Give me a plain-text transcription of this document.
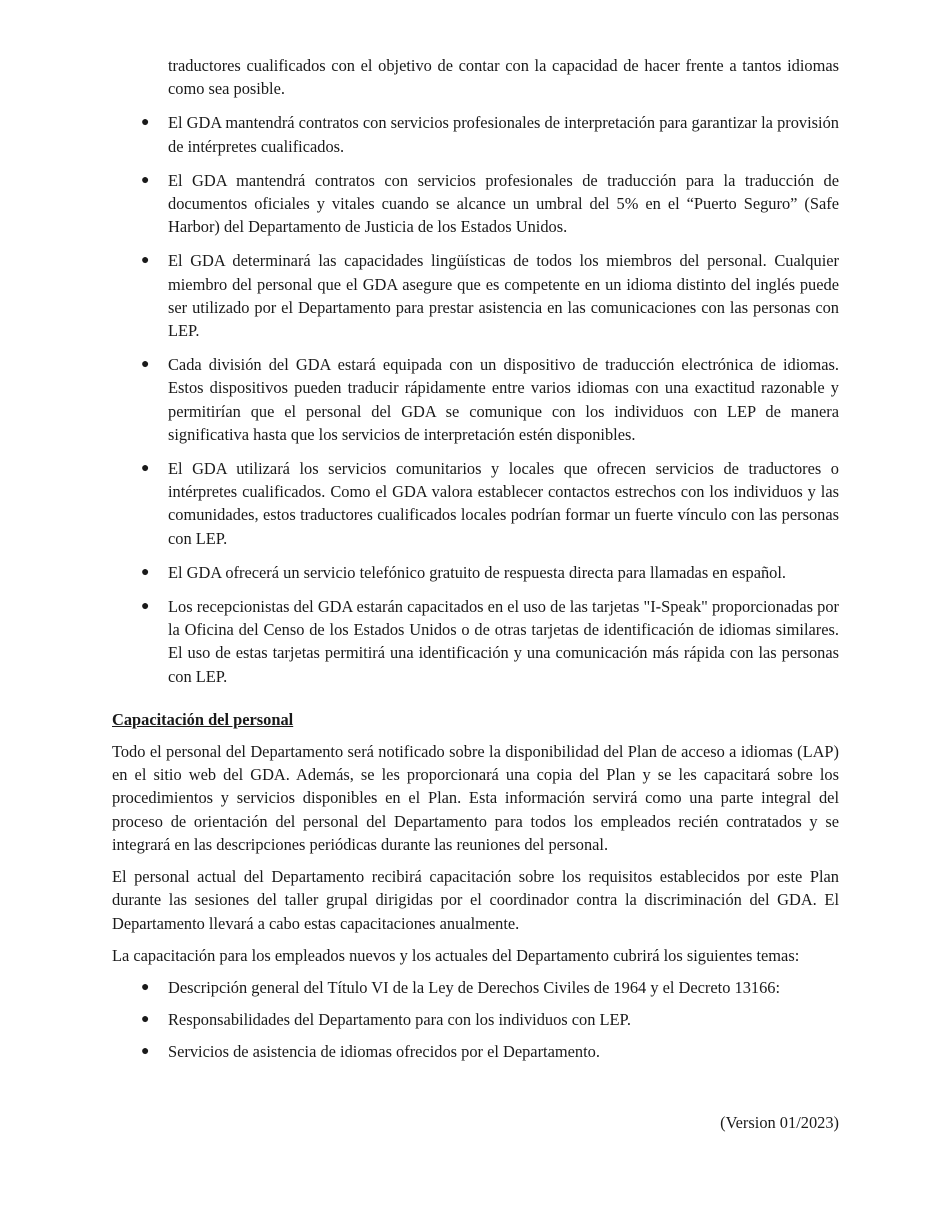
traductores cualificados con el objetivo de contar con la capacidad de hacer frente a tantos idiomas como sea posible.
● El GDA mantendrá contratos con servicios profesionales de interpretación para garantizar la provisión de intérpretes cualificados.
● El GDA mantendrá contratos con servicios profesionales de traducción para la traducción de documentos oficiales y vitales cuando se alcance un umbral del 5% en el “Puerto Seguro” (Safe Harbor) del Departamento de Justicia de los Estados Unidos.
● El GDA determinará las capacidades lingüísticas de todos los miembros del personal. Cualquier miembro del personal que el GDA asegure que es competente en un idioma distinto del inglés puede ser utilizado por el Departamento para prestar asistencia en las comunicaciones con las personas con LEP.
● Cada división del GDA estará equipada con un dispositivo de traducción electrónica de idiomas. Estos dispositivos pueden traducir rápidamente entre varios idiomas con una exactitud razonable y permitirían que el personal del GDA se comunique con los individuos con LEP de manera significativa hasta que los servicios de interpretación estén disponibles.
● El GDA utilizará los servicios comunitarios y locales que ofrecen servicios de traductores o intérpretes cualificados. Como el GDA valora establecer contactos estrechos con los individuos y las comunidades, estos traductores cualificados locales podrían formar un fuerte vínculo con las personas con LEP.
● El GDA ofrecerá un servicio telefónico gratuito de respuesta directa para llamadas en español.
● Los recepcionistas del GDA estarán capacitados en el uso de las tarjetas "I-Speak" proporcionadas por la Oficina del Censo de los Estados Unidos o de otras tarjetas de identificación de idiomas similares. El uso de estas tarjetas permitirá una identificación y una comunicación más rápida con las personas con LEP.
Capacitación del personal

Todo el personal del Departamento será notificado sobre la disponibilidad del Plan de acceso a idiomas (LAP) en el sitio web del GDA. Además, se les proporcionará una copia del Plan y se les capacitará sobre los procedimientos y servicios disponibles en el Plan. Esta información servirá como una parte integral del proceso de orientación del personal del Departamento para todos los empleados recién contratados y se integrará en las descripciones periódicas durante las reuniones del personal.

El personal actual del Departamento recibirá capacitación sobre los requisitos establecidos por este Plan durante las sesiones del taller grupal dirigidas por el coordinador contra la discriminación del GDA. El Departamento llevará a cabo estas capacitaciones anualmente.

La capacitación para los empleados nuevos y los actuales del Departamento cubrirá los siguientes temas:

● Descripción general del Título VI de la Ley de Derechos Civiles de 1964 y el Decreto 13166:
● Responsabilidades del Departamento para con los individuos con LEP.
● Servicios de asistencia de idiomas ofrecidos por el Departamento.
(Version 01/2023)
